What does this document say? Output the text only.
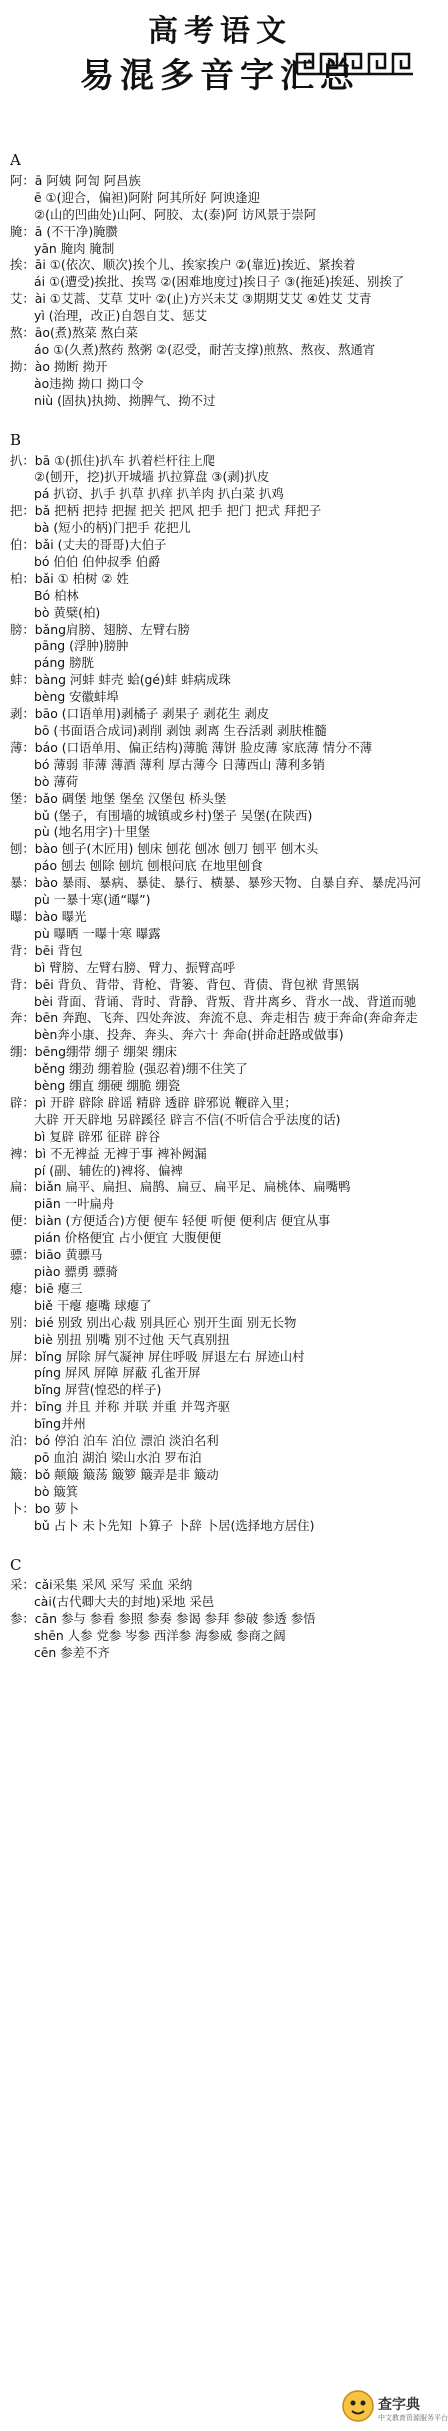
高考语文
易混多音字汇总
A
阿：ā 阿姨 阿訇 阿昌族
ē ①(迎合，偏袒)阿附 阿其所好 阿谀逢迎
②(山的凹曲处)山阿、阿胶、太(泰)阿 访风景于崇阿
腌：ā (不干净)腌臜
yān 腌肉 腌制
挨：āi ①(依次、顺次)挨个儿、挨家挨户 ②(靠近)挨近、紧挨着
ái ①(遭受)挨批、挨骂 ②(困难地度过)挨日子 ③(拖延)挨延、别挨了
艾：ài ①艾蒿、艾草 艾叶 ②(止)方兴未艾 ③期期艾艾 ④姓艾 艾青
yì (治理，改正)自怨自艾、惩艾
熬：āo(煮)熬菜 熬白菜
áo ①(久煮)熬药 熬粥 ②(忍受，耐苦支撑)煎熬、熬夜、熬通宵
拗：ào 拗断 拗开
ào违拗 拗口 拗口令
niù (固执)执拗、拗脾气、拗不过
B
扒：bā ①(抓住)扒车 扒着栏杆往上爬
②(刨开，挖)扒开城墙 扒拉算盘 ③(剥)扒皮
pá 扒窃、扒手 扒草 扒痒 扒羊肉 扒白菜 扒鸡
把：bǎ 把柄 把持 把握 把关 把风 把手 把门 把式 拜把子
bà (短小的柄)门把手 花把儿
伯：bǎi (丈夫的哥哥)大伯子
bó 伯伯 伯仲叔季 伯爵
柏：bǎi ① 柏树 ② 姓
Bó 柏林
bò 黄檗(柏)
膀：bǎng肩膀、翅膀、左臂右膀
pāng (浮肿)膀肿
páng 膀胱
蚌：bàng 河蚌 蚌壳 蛤(gé)蚌 蚌病成珠
bèng 安徽蚌埠
剥：bāo (口语单用)剥橘子 剥果子 剥花生 剥皮
bō (书面语合成词)剥削 剥蚀 剥离 生吞活剥 剥肤椎髓
薄：báo (口语单用、偏正结构)薄脆 薄饼 脸皮薄 家底薄 情分不薄
bó 薄弱 菲薄 薄酒 薄利 厚古薄今 日薄西山 薄利多销
bò 薄荷
堡：bǎo 碉堡 地堡 堡垒 汉堡包 桥头堡
bǔ (堡子，有围墙的城镇或乡村)堡子 吴堡(在陕西)
pù (地名用字)十里堡
刨：bào 刨子(木匠用) 刨床 刨花 刨冰 刨刀 刨平 刨木头
páo 刨去 刨除 刨坑 刨根问底 在地里刨食
暴：bào 暴雨、暴病、暴徒、暴行、横暴、暴殄天物、自暴自弃、暴虎冯河
pù 一暴十寒(通“曝”)
曝：bào 曝光
pù 曝晒 一曝十寒 曝露
背：bēi 背包
bì 臂膀、左臂右膀、臂力、振臂高呼
背：bēi 背负、背带、背枪、背篓、背包、背债、背包袱 背黑锅
bèi 背面、背诵、背时、背静、背叛、背井离乡、背水一战、背道而驰
奔：bēn 奔跑、飞奔、四处奔波、奔流不息、奔走相告 疲于奔命(奔命奔走
bèn奔小康、投奔、奔头、奔六十 奔命(拼命赶路或做事)
绷：bēng绷带 绷子 绷架 绷床
běng 绷劲 绷着脸 (强忍着)绷不住笑了
bèng 绷直 绷硬 绷脆 绷瓷
辟：pì 开辟 辟除 辟谣 精辟 透辟 辟邪说 鞭辟入里；
大辟 开天辟地 另辟蹊径 辟言不信(不听信合乎法度的话)
bì 复辟 辟邪 征辟 辟谷
裨：bì 不无裨益 无裨于事 裨补阙漏
pí (副、辅佐的)裨将、偏裨
扁：biǎn 扁平、扁担、扁鹊、扁豆、扁平足、扁桃体、扁嘴鸭
piān 一叶扁舟
便：biàn (方便适合)方便 便车 轻便 听便 便利店 便宜从事
pián 价格便宜 占小便宜 大腹便便
骠：biāo 黄骠马
piào 骠勇 骠骑
瘪：biē 瘪三
biě 干瘪 瘪嘴 球瘪了
别：bié 别致 别出心裁 别具匠心 别开生面 别无长物
biè 别扭 别嘴 别不过他 天气真别扭
屏：bǐng 屏除 屏气凝神 屏住呼吸 屏退左右 屏迹山村
píng 屏风 屏障 屏蔽 孔雀开屏
bǐng 屏营(惶恐的样子)
并：bīng 并且 并称 并联 并重 并驾齐驱
bīng并州
泊：bó 停泊 泊车 泊位 漂泊 淡泊名利
pō 血泊 湖泊 梁山水泊 罗布泊
簸：bǒ 颠簸 簸荡 簸箩 簸弄是非 簸动
bò 簸箕
卜：bo 萝卜
bǔ 占卜 未卜先知 卜算子 卜辞 卜居(选择地方居住)
C
采：cǎi采集 采风 采写 采血 采纳
cài(古代卿大夫的封地)采地 采邑
参：cān 参与 参看 参照 参奏 参谒 参拜 参破 参透 参悟
shēn 人参 党参 岑参 西洋参 海参威 参商之阔
cēn 参差不齐
查字典
中文教育资源服务平台
